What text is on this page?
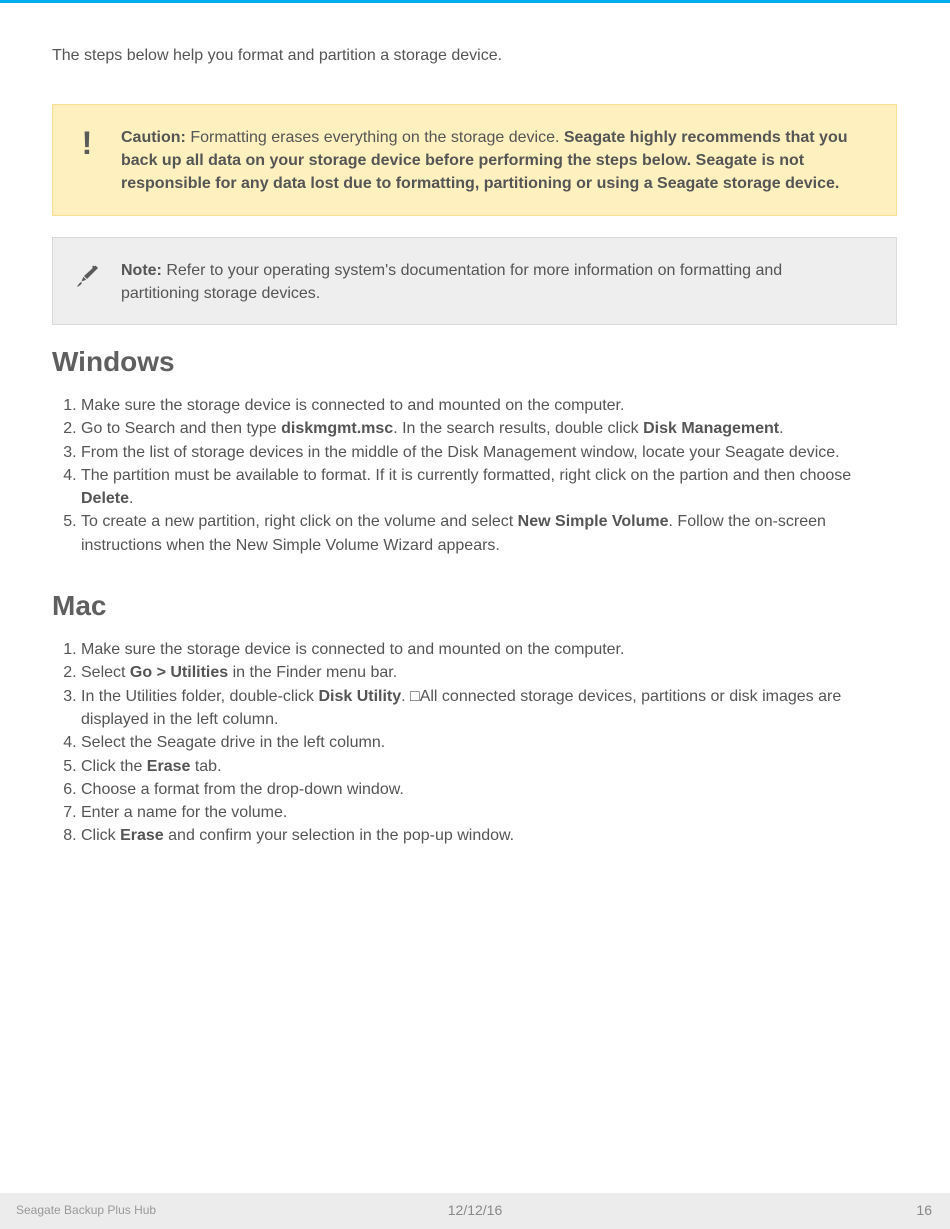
The steps below help you format and partition a storage device.

! Caution: Formatting erases everything on the storage device. Seagate highly recommends that you back up all data on your storage device before performing the steps below. Seagate is not responsible for any data lost due to formatting, partitioning or using a Seagate storage device.

Note: Refer to your operating system's documentation for more information on formatting and partitioning storage devices.

Windows
1. Make sure the storage device is connected to and mounted on the computer.
2. Go to Search and then type diskmgmt.msc. In the search results, double click Disk Management.
3. From the list of storage devices in the middle of the Disk Management window, locate your Seagate device.
4. The partition must be available to format. If it is currently formatted, right click on the partion and then choose Delete.
5. To create a new partition, right click on the volume and select New Simple Volume. Follow the on-screen instructions when the New Simple Volume Wizard appears.
Mac
1. Make sure the storage device is connected to and mounted on the computer.
2. Select Go > Utilities in the Finder menu bar.
3. In the Utilities folder, double-click Disk Utility. □All connected storage devices, partitions or disk images are displayed in the left column.
4. Select the Seagate drive in the left column.
5. Click the Erase tab.
6. Choose a format from the drop-down window.
7. Enter a name for the volume.
8. Click Erase and confirm your selection in the pop-up window.
Seagate Backup Plus Hub	12/12/16	16
